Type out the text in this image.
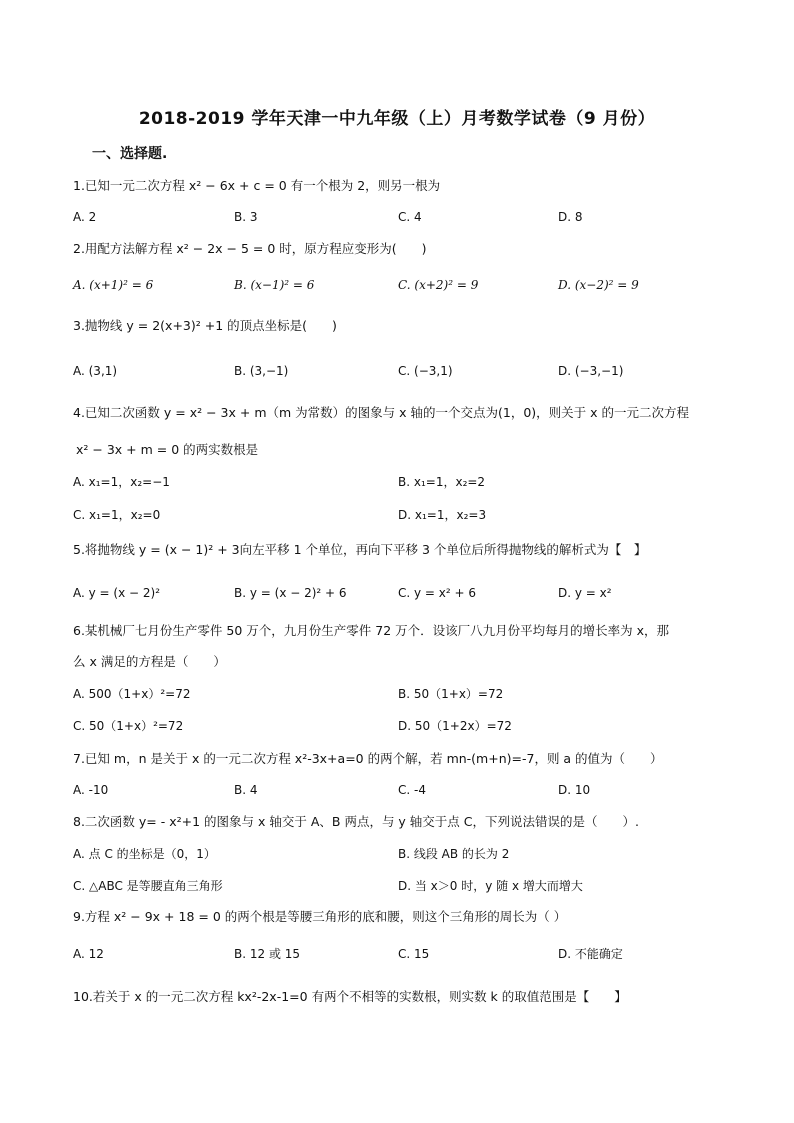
2018-2019 学年天津一中九年级（上）月考数学试卷（9 月份）
一、选择题.
1.已知一元二次方程 x² − 6x + c = 0 有一个根为 2，则另一根为
A. 2	B. 3	C. 4	D. 8
2.用配方法解方程 x² − 2x − 5 = 0 时，原方程应变形为(　　)
A. (x+1)² = 6	B. (x−1)² = 6	C. (x+2)² = 9	D. (x−2)² = 9
3.抛物线 y = 2(x+3)² +1 的顶点坐标是(　　)
A. (3,1)	B. (3,−1)	C. (−3,1)	D. (−3,−1)
4.已知二次函数 y = x² − 3x + m（m 为常数）的图象与 x 轴的一个交点为(1，0)，则关于 x 的一元二次方程
x² − 3x + m = 0 的两实数根是
A. x₁=1，x₂=−1	B. x₁=1，x₂=2
C. x₁=1，x₂=0	D. x₁=1，x₂=3
5.将抛物线 y = (x − 1)² + 3向左平移 1 个单位，再向下平移 3 个单位后所得抛物线的解析式为【　】
A. y = (x − 2)²	B. y = (x − 2)² + 6	C. y = x² + 6	D. y = x²
6.某机械厂七月份生产零件 50 万个，九月份生产零件 72 万个．设该厂八九月份平均每月的增长率为 x，那
么 x 满足的方程是（　　）
A. 500（1+x）²=72	B. 50（1+x）=72
C. 50（1+x）²=72	D. 50（1+2x）=72
7.已知 m，n 是关于 x 的一元二次方程 x²-3x+a=0 的两个解，若 mn-(m+n)=-7，则 a 的值为（　　）
A. -10	B. 4	C. -4	D. 10
8.二次函数 y= - x²+1 的图象与 x 轴交于 A、B 两点，与 y 轴交于点 C，下列说法错误的是（　　）.
A. 点 C 的坐标是（0，1）	B. 线段 AB 的长为 2
C. △ABC 是等腰直角三角形	D. 当 x＞0 时，y 随 x 增大而增大
9.方程 x² − 9x + 18 = 0 的两个根是等腰三角形的底和腰，则这个三角形的周长为（ ）
A. 12	B. 12 或 15	C. 15	D. 不能确定
10.若关于 x 的一元二次方程 kx²-2x-1=0 有两个不相等的实数根，则实数 k 的取值范围是【　　】
